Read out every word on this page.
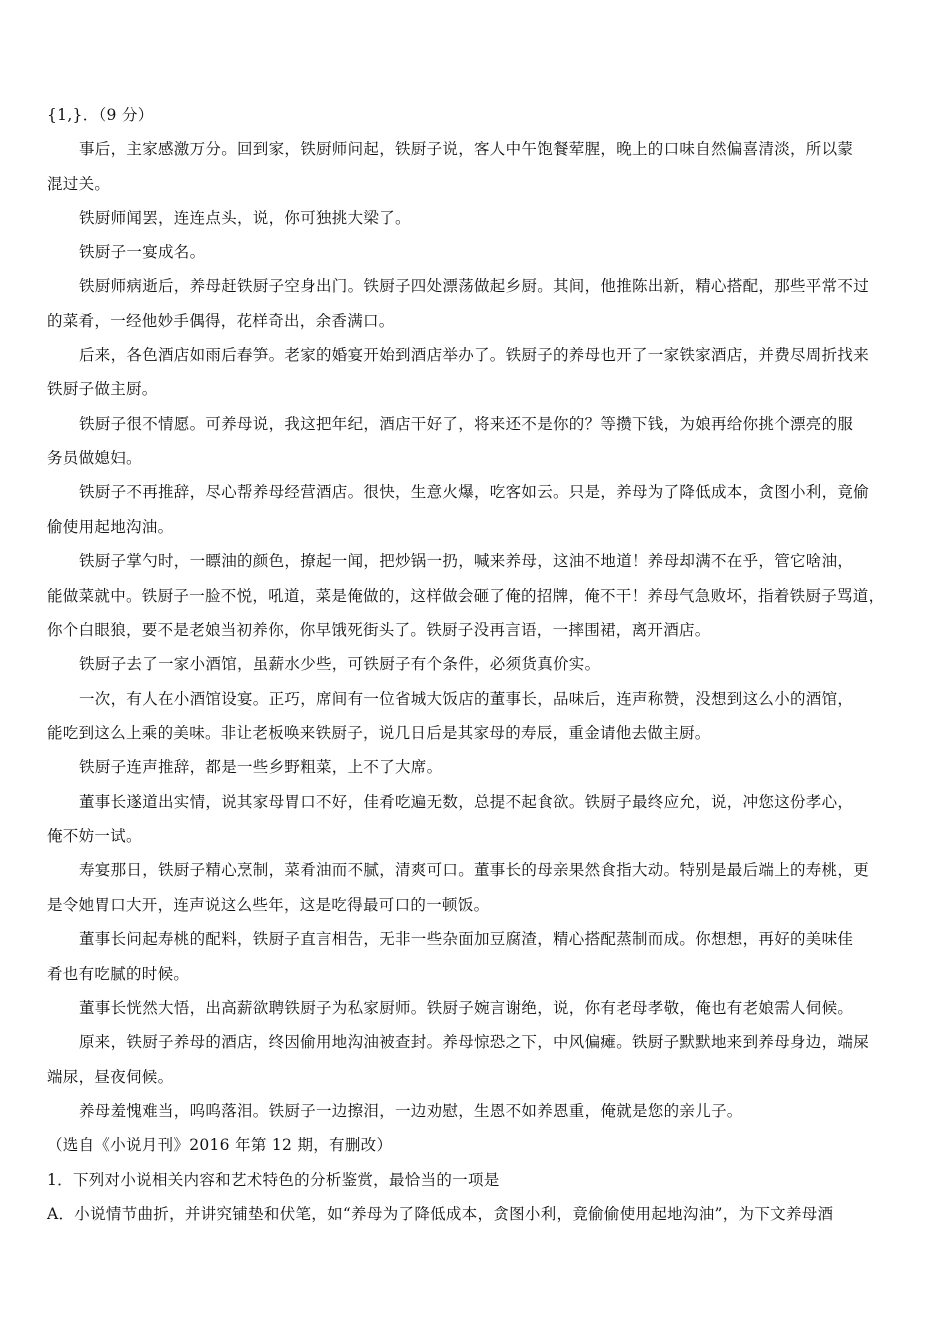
{1,}．（9 分）
事后，主家感激万分。回到家，铁厨师问起，铁厨子说，客人中午饱餐荤腥，晚上的口味自然偏喜清淡，所以蒙
混过关。
铁厨师闻罢，连连点头，说，你可独挑大梁了。
铁厨子一宴成名。
铁厨师病逝后，养母赶铁厨子空身出门。铁厨子四处漂荡做起乡厨。其间，他推陈出新，精心搭配，那些平常不过
的菜肴，一经他妙手偶得，花样奇出，余香满口。
后来，各色酒店如雨后春笋。老家的婚宴开始到酒店举办了。铁厨子的养母也开了一家铁家酒店，并费尽周折找来
铁厨子做主厨。
铁厨子很不情愿。可养母说，我这把年纪，酒店干好了，将来还不是你的？等攒下钱，为娘再给你挑个漂亮的服
务员做媳妇。
铁厨子不再推辞，尽心帮养母经营酒店。很快，生意火爆，吃客如云。只是，养母为了降低成本，贪图小利，竟偷
偷使用起地沟油。
铁厨子掌勺时，一瞟油的颜色，撩起一闻，把炒锅一扔，喊来养母，这油不地道！养母却满不在乎，管它啥油，
能做菜就中。铁厨子一脸不悦，吼道，菜是俺做的，这样做会砸了俺的招牌，俺不干！养母气急败坏，指着铁厨子骂道，
你个白眼狼，要不是老娘当初养你，你早饿死街头了。铁厨子没再言语，一摔围裙，离开酒店。
铁厨子去了一家小酒馆，虽薪水少些，可铁厨子有个条件，必须货真价实。
一次，有人在小酒馆设宴。正巧，席间有一位省城大饭店的董事长，品味后，连声称赞，没想到这么小的酒馆，
能吃到这么上乘的美味。非让老板唤来铁厨子，说几日后是其家母的寿辰，重金请他去做主厨。
铁厨子连声推辞，都是一些乡野粗菜，上不了大席。
董事长遂道出实情，说其家母胃口不好，佳肴吃遍无数，总提不起食欲。铁厨子最终应允，说，冲您这份孝心，
俺不妨一试。
寿宴那日，铁厨子精心烹制，菜肴油而不腻，清爽可口。董事长的母亲果然食指大动。特别是最后端上的寿桃，更
是令她胃口大开，连声说这么些年，这是吃得最可口的一顿饭。
董事长问起寿桃的配料，铁厨子直言相告，无非一些杂面加豆腐渣，精心搭配蒸制而成。你想想，再好的美味佳
肴也有吃腻的时候。
董事长恍然大悟，出高薪欲聘铁厨子为私家厨师。铁厨子婉言谢绝，说，你有老母孝敬，俺也有老娘需人伺候。
原来，铁厨子养母的酒店，终因偷用地沟油被查封。养母惊恐之下，中风偏瘫。铁厨子默默地来到养母身边，端屎
端尿，昼夜伺候。
养母羞愧难当，呜呜落泪。铁厨子一边擦泪，一边劝慰，生恩不如养恩重，俺就是您的亲儿子。
（选自《小说月刊》2016 年第 12 期，有删改）
1．下列对小说相关内容和艺术特色的分析鉴赏，最恰当的一项是
A．小说情节曲折，并讲究铺垫和伏笔，如“养母为了降低成本，贪图小利，竟偷偷使用起地沟油”，为下文养母酒
